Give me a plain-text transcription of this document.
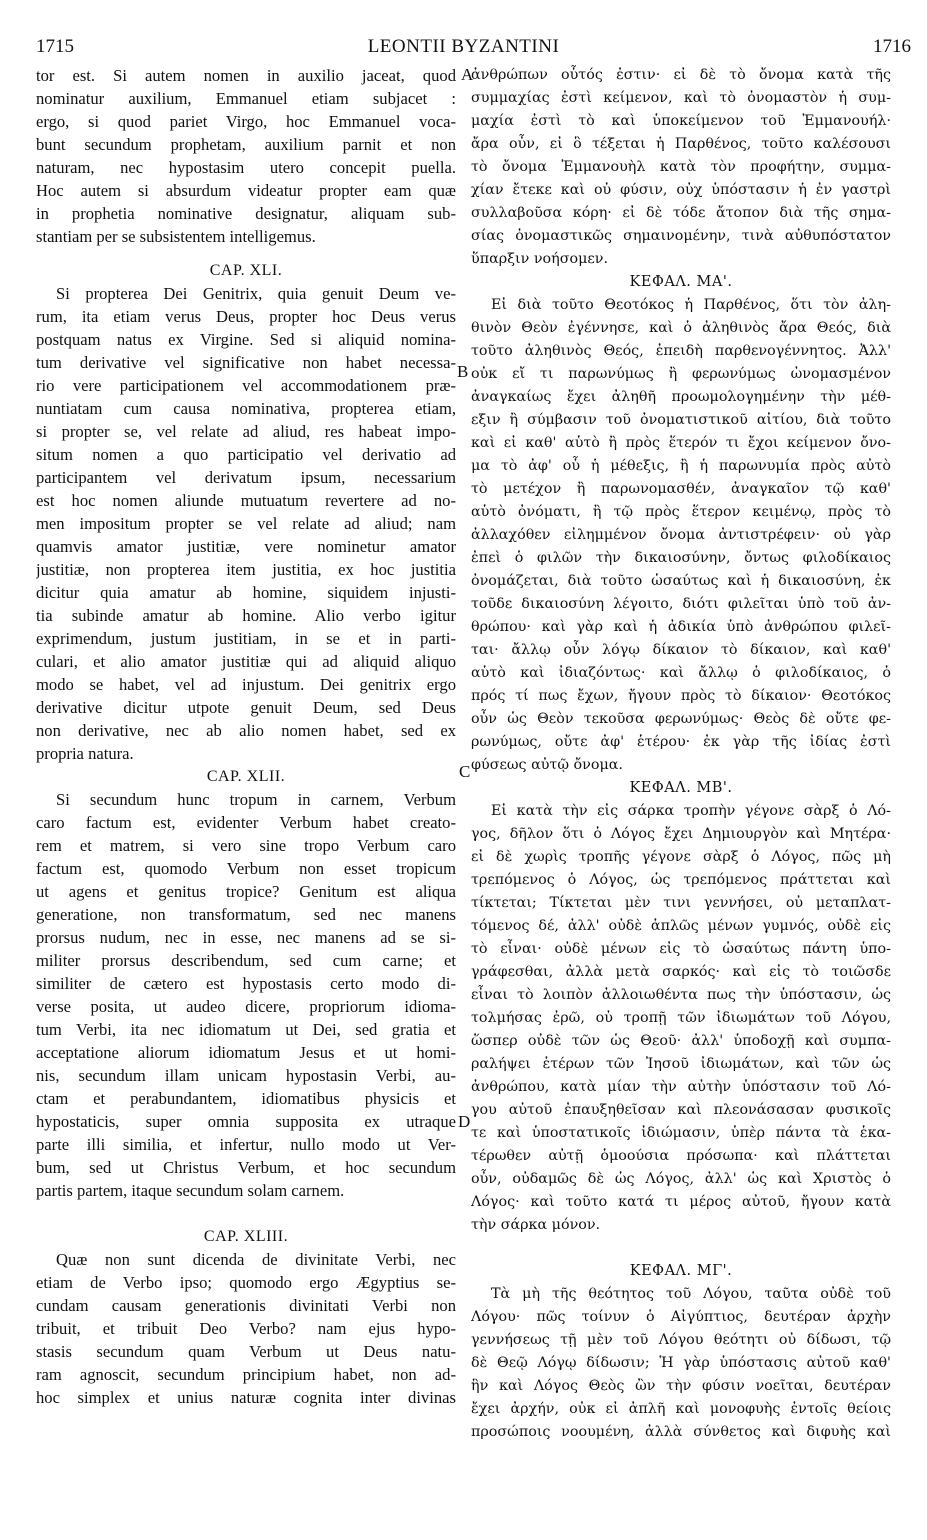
1715	LEONTII BYZANTINI	1716
tor est. Si autem nomen in auxilio jaceat, quod
nominatur auxilium, Emmanuel etiam subjacet :
ergo, si quod pariet Virgo, hoc Emmanuel voca-
bunt secundum prophetam, auxilium parnit et non
naturam, nec hypostasim utero concepit puella.
Hoc autem si absurdum videatur propter eam quæ
in prophetia nominative designatur, aliquam sub-
stantiam per se subsistentem intelligemus.
CAP. XLI.
Si propterea Dei Genitrix, quia genuit Deum ve-
rum, ita etiam verus Deus, propter hoc Deus verus
postquam natus ex Virgine. Sed si aliquid nomina-
tum derivative vel significative non habet necessa-
rio vere participationem vel accommodationem præ-
nuntiatam cum causa nominativa, propterea etiam,
si propter se, vel relate ad aliud, res habeat impo-
situm nomen a quo participatio vel derivatio ad
participantem vel derivatum ipsum, necessarium
est hoc nomen aliunde mutuatum revertere ad no-
men impositum propter se vel relate ad aliud; nam
quamvis amator justitiæ, vere nominetur amator
justitiæ, non propterea item justitia, ex hoc justitia
dicitur quia amatur ab homine, siquidem injusti-
tia subinde amatur ab homine. Alio verbo igitur
exprimendum, justum justitiam, in se et in parti-
culari, et alio amator justitiæ qui ad aliquid aliquo
modo se habet, vel ad injustum. Dei genitrix ergo
derivative dicitur utpote genuit Deum, sed Deus
non derivative, nec ab alio nomen habet, sed ex
propria natura.
CAP. XLII.
Si secundum hunc tropum in carnem, Verbum
caro factum est, evidenter Verbum habet creato-
rem et matrem, si vero sine tropo Verbum caro
factum est, quomodo Verbum non esset tropicum
ut agens et genitus tropice? Genitum est aliqua
generatione, non transformatum, sed nec manens
prorsus nudum, nec in esse, nec manens ad se si-
militer prorsus describendum, sed cum carne; et
similiter de cætero est hypostasis certo modo di-
verse posita, ut audeo dicere, propriorum idioma-
tum Verbi, ita nec idiomatum ut Dei, sed gratia et
acceptatione aliorum idiomatum Jesus et ut homi-
nis, secundum illam unicam hypostasin Verbi, au-
ctam et perabundantem, idiomatibus physicis et
hypostaticis, super omnia supposita ex utraque
parte illi similia, et infertur, nullo modo ut Ver-
bum, sed ut Christus Verbum, et hoc secundum
partis partem, itaque secundum solam carnem.
CAP. XLIII.
Quæ non sunt dicenda de divinitate Verbi, nec
etiam de Verbo ipso; quomodo ergo Ægyptius se-
cundam causam generationis divinitati Verbi non
tribuit, et tribuit Deo Verbo? nam ejus hypo-
stasis secundum quam Verbum ut Deus natu-
ram agnoscit, secundum principium habet, non ad-
hoc simplex et unius naturæ cognita inter divinas
ἀνθρώπων οὗτός ἐστιν· εἰ δὲ τὸ ὄνομα κατὰ τῆς
συμμαχίας ἐστὶ κείμενον, καὶ τὸ ὀνομαστὸν ἡ συμ-
μαχία ἐστὶ τὸ καὶ ὑποκείμενον τοῦ Ἐμμανουήλ·
ἄρα οὖν, εἰ ὃ τέξεται ἡ Παρθένος, τοῦτο καλέσουσι
τὸ ὄνομα Ἐμμανουὴλ κατὰ τὸν προφήτην, συμμα-
χίαν ἔτεκε καὶ οὐ φύσιν, οὐχ ὑπόστασιν ἡ ἐν γαστρὶ
συλλαβοῦσα κόρη· εἰ δὲ τόδε ἄτοπον διὰ τῆς σημα-
σίας ὀνομαστικῶς σημαινομένην, τινὰ αὐθυπόστατον
ὕπαρξιν νοήσομεν.
ΚΕΦΑΛ. ΜΑ'.
Εἰ διὰ τοῦτο Θεοτόκος ἡ Παρθένος, ὅτι τὸν ἀλη-
θινὸν Θεὸν ἐγέννησε, καὶ ὁ ἀληθινὸς ἄρα Θεός, διὰ
τοῦτο ἀληθινὸς Θεός, ἐπειδὴ παρθενογέννητος. Ἀλλ'
οὐκ εἴ τι παρωνύμως ἢ φερωνύμως ὠνομασμένον
ἀναγκαίως ἔχει ἀληθῆ προωμολογημένην τὴν μέθ-
εξιν ἢ σύμβασιν τοῦ ὀνοματιστικοῦ αἰτίου, διὰ τοῦτο
καὶ εἰ καθ' αὑτὸ ἢ πρὸς ἕτερόν τι ἔχοι κείμενον ὄνο-
μα τὸ ἀφ' οὗ ἡ μέθεξις, ἢ ἡ παρωνυμία πρὸς αὐτὸ
τὸ μετέχον ἢ παρωνομασθέν, ἀναγκαῖον τῷ καθ'
αὑτὸ ὀνόματι, ἢ τῷ πρὸς ἕτερον κειμένῳ, πρὸς τὸ
ἀλλαχόθεν εἰλημμένον ὄνομα ἀντιστρέφειν· οὐ γὰρ
ἐπεὶ ὁ φιλῶν τὴν δικαιοσύνην, ὄντως φιλοδίκαιος
ὀνομάζεται, διὰ τοῦτο ὡσαύτως καὶ ἡ δικαιοσύνη, ἐκ
τοῦδε δικαιοσύνη λέγοιτο, διότι φιλεῖται ὑπὸ τοῦ ἀν-
θρώπου· καὶ γὰρ καὶ ἡ ἀδικία ὑπὸ ἀνθρώπου φιλεῖ-
ται· ἄλλῳ οὖν λόγῳ δίκαιον τὸ δίκαιον, καὶ καθ'
αὑτὸ καὶ ἰδιαζόντως· καὶ ἄλλῳ ὁ φιλοδίκαιος, ὁ
πρός τί πως ἔχων, ἤγουν πρὸς τὸ δίκαιον· Θεοτόκος
οὖν ὡς Θεὸν τεκοῦσα φερωνύμως· Θεὸς δὲ οὔτε φε-
ρωνύμως, οὔτε ἀφ' ἑτέρου· ἐκ γὰρ τῆς ἰδίας ἐστὶ
φύσεως αὐτῷ ὄνομα.
ΚΕΦΑΛ. ΜΒ'.
Εἰ κατὰ τὴν εἰς σάρκα τροπὴν γέγονε σὰρξ ὁ Λό-
γος, δῆλον ὅτι ὁ Λόγος ἔχει Δημιουργὸν καὶ Μητέρα·
εἰ δὲ χωρὶς τροπῆς γέγονε σὰρξ ὁ Λόγος, πῶς μὴ
τρεπόμενος ὁ Λόγος, ὡς τρεπόμενος πράττεται καὶ
τίκτεται; Τίκτεται μὲν τινι γεννήσει, οὐ μεταπλατ-
τόμενος δέ, ἀλλ' οὐδὲ ἁπλῶς μένων γυμνός, οὐδὲ εἰς
τὸ εἶναι· οὐδὲ μένων εἰς τὸ ὡσαύτως πάντη ὑπο-
γράφεσθαι, ἀλλὰ μετὰ σαρκός· καὶ εἰς τὸ τοιῶσδε
εἶναι τὸ λοιπὸν ἀλλοιωθέντα πως τὴν ὑπόστασιν, ὡς
τολμήσας ἐρῶ, οὐ τροπῇ τῶν ἰδιωμάτων τοῦ Λόγου,
ὥσπερ οὐδὲ τῶν ὡς Θεοῦ· ἀλλ' ὑποδοχῇ καὶ συμπα-
ραλήψει ἑτέρων τῶν Ἰησοῦ ἰδιωμάτων, καὶ τῶν ὡς
ἀνθρώπου, κατὰ μίαν τὴν αὐτὴν ὑπόστασιν τοῦ Λό-
γου αὐτοῦ ἐπαυξηθεῖσαν καὶ πλεονάσασαν φυσικοῖς
τε καὶ ὑποστατικοῖς ἰδιώμασιν, ὑπὲρ πάντα τὰ ἑκα-
τέρωθεν αὐτῇ ὁμοούσια πρόσωπα· καὶ πλάττεται
οὖν, οὐδαμῶς δὲ ὡς Λόγος, ἀλλ' ὡς καὶ Χριστὸς ὁ
Λόγος· καὶ τοῦτο κατά τι μέρος αὐτοῦ, ἤγουν κατὰ
τὴν σάρκα μόνον.
ΚΕΦΑΛ. ΜΓ'.
Τὰ μὴ τῆς θεότητος τοῦ Λόγου, ταῦτα οὐδὲ τοῦ
Λόγου· πῶς τοίνυν ὁ Αἰγύπτιος, δευτέραν ἀρχὴν
γεννήσεως τῇ μὲν τοῦ Λόγου θεότητι οὐ δίδωσι, τῷ
δὲ Θεῷ Λόγῳ δίδωσιν; Ἡ γὰρ ὑπόστασις αὐτοῦ καθ'
ἣν καὶ Λόγος Θεὸς ὢν τὴν φύσιν νοεῖται, δευτέραν
ἔχει ἀρχήν, οὐκ εἰ ἁπλῆ καὶ μονοφυὴς ἐντοῖς θείοις
προσώποις νοουμένη, ἀλλὰ σύνθετος καὶ διφυὴς καὶ
A
B
C
D
